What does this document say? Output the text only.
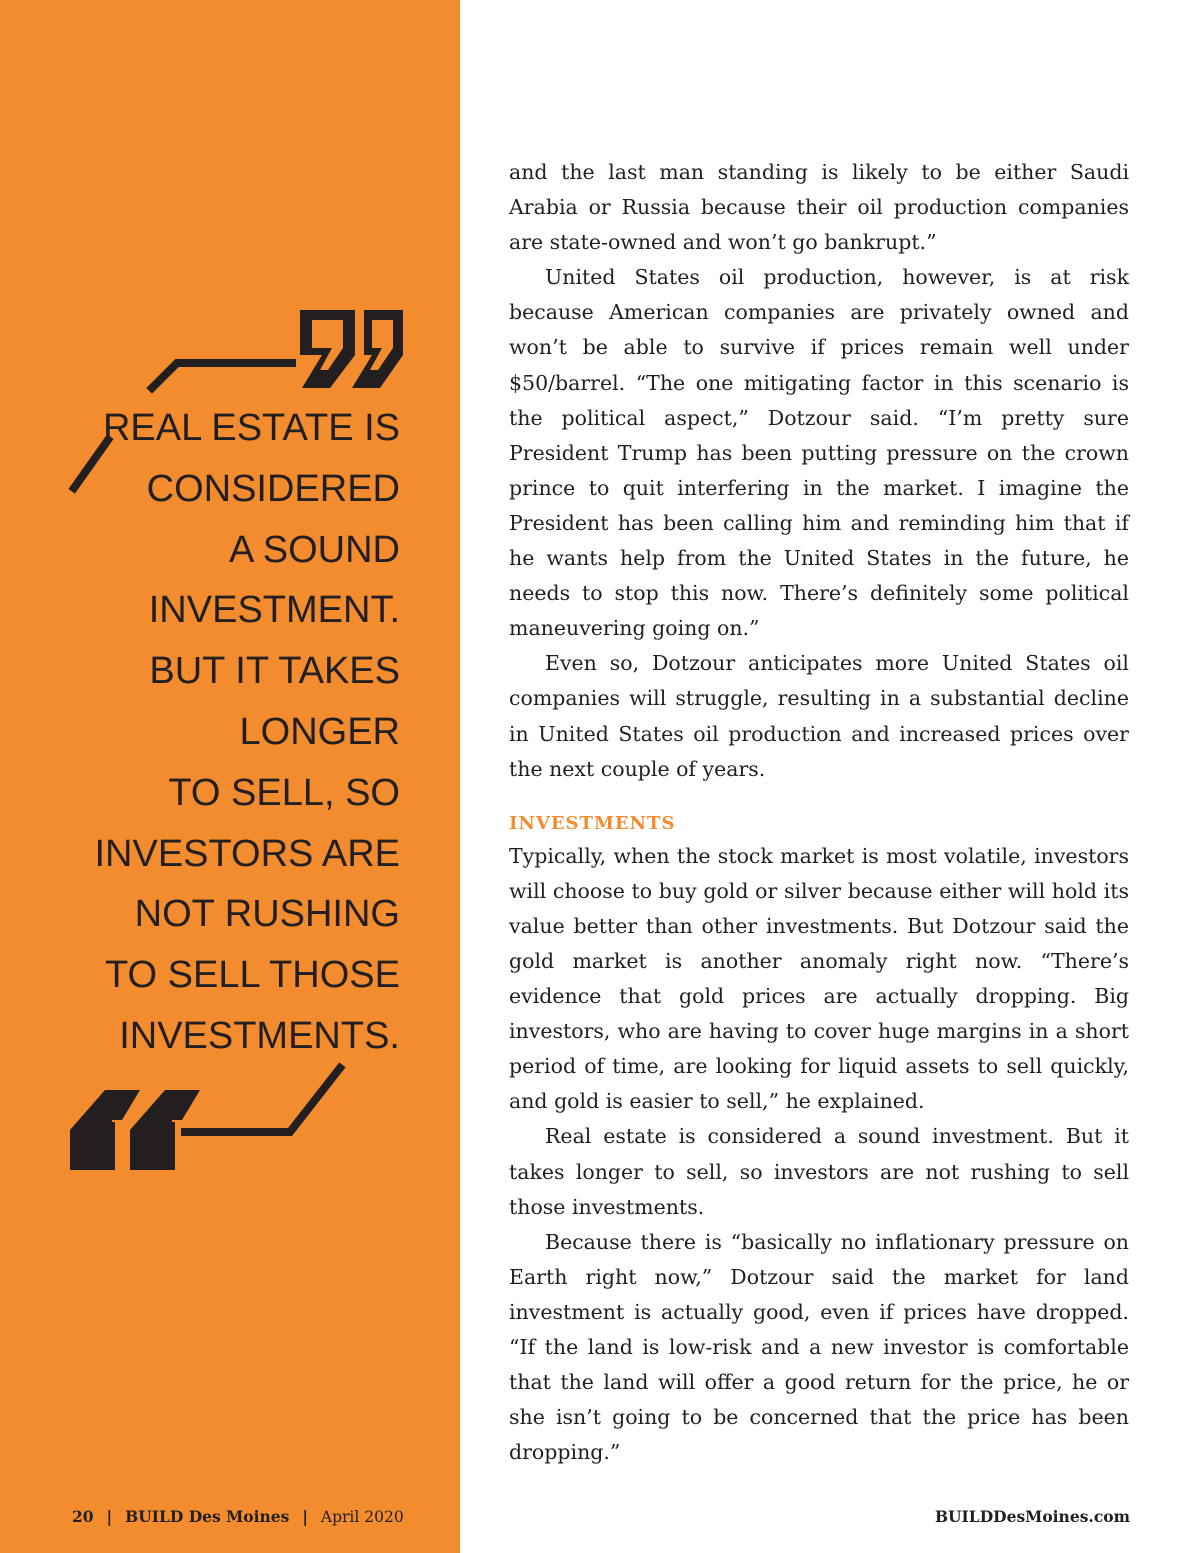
REAL ESTATE IS
CONSIDERED
A SOUND
INVESTMENT.
BUT IT TAKES
LONGER
TO SELL, SO
INVESTORS ARE
NOT RUSHING
TO SELL THOSE
INVESTMENTS.

and the last man standing is likely to be either Saudi Arabia or Russia because their oil production companies are state-owned and won’t go bankrupt.”

United States oil production, however, is at risk because American companies are privately owned and won’t be able to survive if prices remain well under $50/barrel. “The one mitigating factor in this scenario is the political aspect,” Dotzour said. “I’m pretty sure President Trump has been putting pressure on the crown prince to quit interfering in the market. I imagine the President has been calling him and reminding him that if he wants help from the United States in the future, he needs to stop this now. There’s definitely some political maneuvering going on.”

Even so, Dotzour anticipates more United States oil companies will struggle, resulting in a substantial decline in United States oil production and increased prices over the next couple of years.

INVESTMENTS

Typically, when the stock market is most volatile, investors will choose to buy gold or silver because either will hold its value better than other investments. But Dotzour said the gold market is another anomaly right now. “There’s evidence that gold prices are actually dropping. Big investors, who are having to cover huge margins in a short period of time, are looking for liquid assets to sell quickly, and gold is easier to sell,” he explained.

Real estate is considered a sound investment. But it takes longer to sell, so investors are not rushing to sell those investments.

Because there is “basically no inflationary pressure on Earth right now,” Dotzour said the market for land investment is actually good, even if prices have dropped. “If the land is low-risk and a new investor is comfortable that the land will offer a good return for the price, he or she isn’t going to be concerned that the price has been dropping.”

20 | BUILD Des Moines | April 2020	BUILDDesMoines.com
